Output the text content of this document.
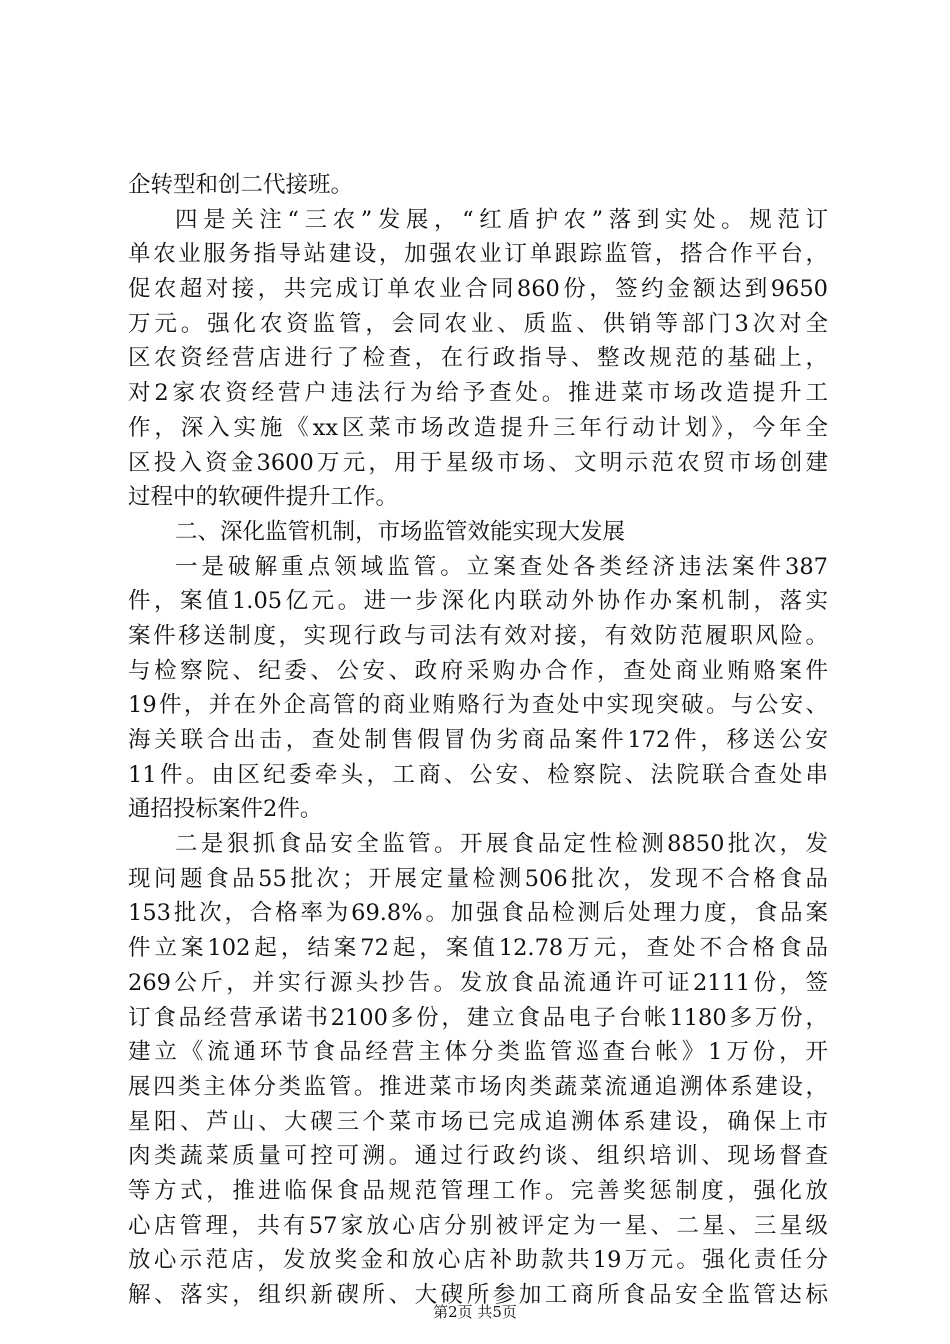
企转型和创二代接班。
四是关注“三农”发展，“红盾护农”落到实处。规范订
单农业服务指导站建设，加强农业订单跟踪监管，搭合作平台，
促农超对接，共完成订单农业合同860份，签约金额达到9650
万元。强化农资监管，会同农业、质监、供销等部门3次对全
区农资经营店进行了检查，在行政指导、整改规范的基础上，
对2家农资经营户违法行为给予查处。推进菜市场改造提升工
作，深入实施《xx区菜市场改造提升三年行动计划》，今年全
区投入资金3600万元，用于星级市场、文明示范农贸市场创建
过程中的软硬件提升工作。
二、深化监管机制，市场监管效能实现大发展
一是破解重点领域监管。立案查处各类经济违法案件387
件，案值1.05亿元。进一步深化内联动外协作办案机制，落实
案件移送制度，实现行政与司法有效对接，有效防范履职风险。
与检察院、纪委、公安、政府采购办合作，查处商业贿赂案件
19件，并在外企高管的商业贿赂行为查处中实现突破。与公安、
海关联合出击，查处制售假冒伪劣商品案件172件，移送公安
11件。由区纪委牵头，工商、公安、检察院、法院联合查处串
通招投标案件2件。
二是狠抓食品安全监管。开展食品定性检测8850批次，发
现问题食品55批次；开展定量检测506批次，发现不合格食品
153批次，合格率为69.8%。加强食品检测后处理力度，食品案
件立案102起，结案72起，案值12.78万元，查处不合格食品
269公斤，并实行源头抄告。发放食品流通许可证2111份，签
订食品经营承诺书2100多份，建立食品电子台帐1180多万份，
建立《流通环节食品经营主体分类监管巡查台帐》1万份，开
展四类主体分类监管。推进菜市场肉类蔬菜流通追溯体系建设，
星阳、芦山、大碶三个菜市场已完成追溯体系建设，确保上市
肉类蔬菜质量可控可溯。通过行政约谈、组织培训、现场督查
等方式，推进临保食品规范管理工作。完善奖惩制度，强化放
心店管理，共有57家放心店分别被评定为一星、二星、三星级
放心示范店，发放奖金和放心店补助款共19万元。强化责任分
解、落实，组织新碶所、大碶所参加工商所食品安全监管达标
第2页 共5页
